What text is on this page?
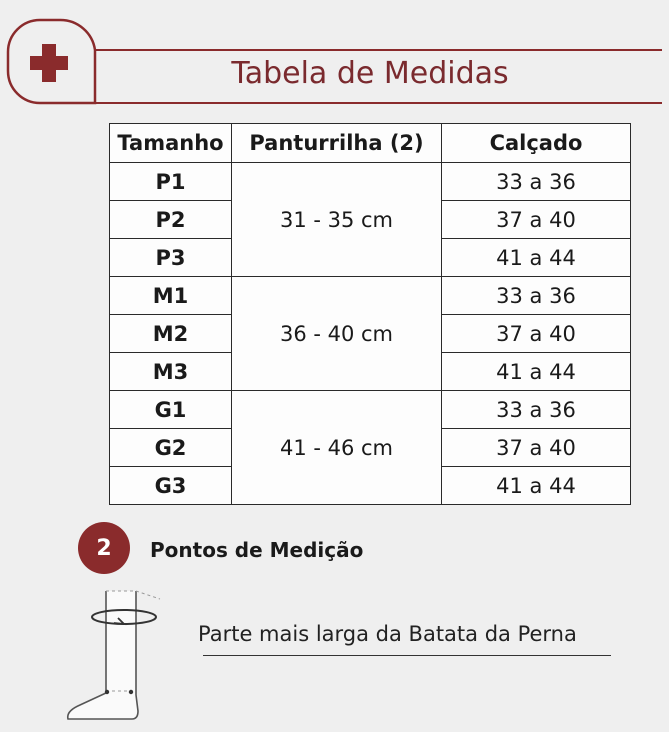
Tabela de Medidas
Tamanho	Panturrilha (2)	Calçado
P1	31 - 35 cm	33 a 36
P2		37 a 40
P3		41 a 44
M1	36 - 40 cm	33 a 36
M2		37 a 40
M3		41 a 44
G1	41 - 46 cm	33 a 36
G2		37 a 40
G3		41 a 44
2	Pontos de Medição
Parte mais larga da Batata da Perna
